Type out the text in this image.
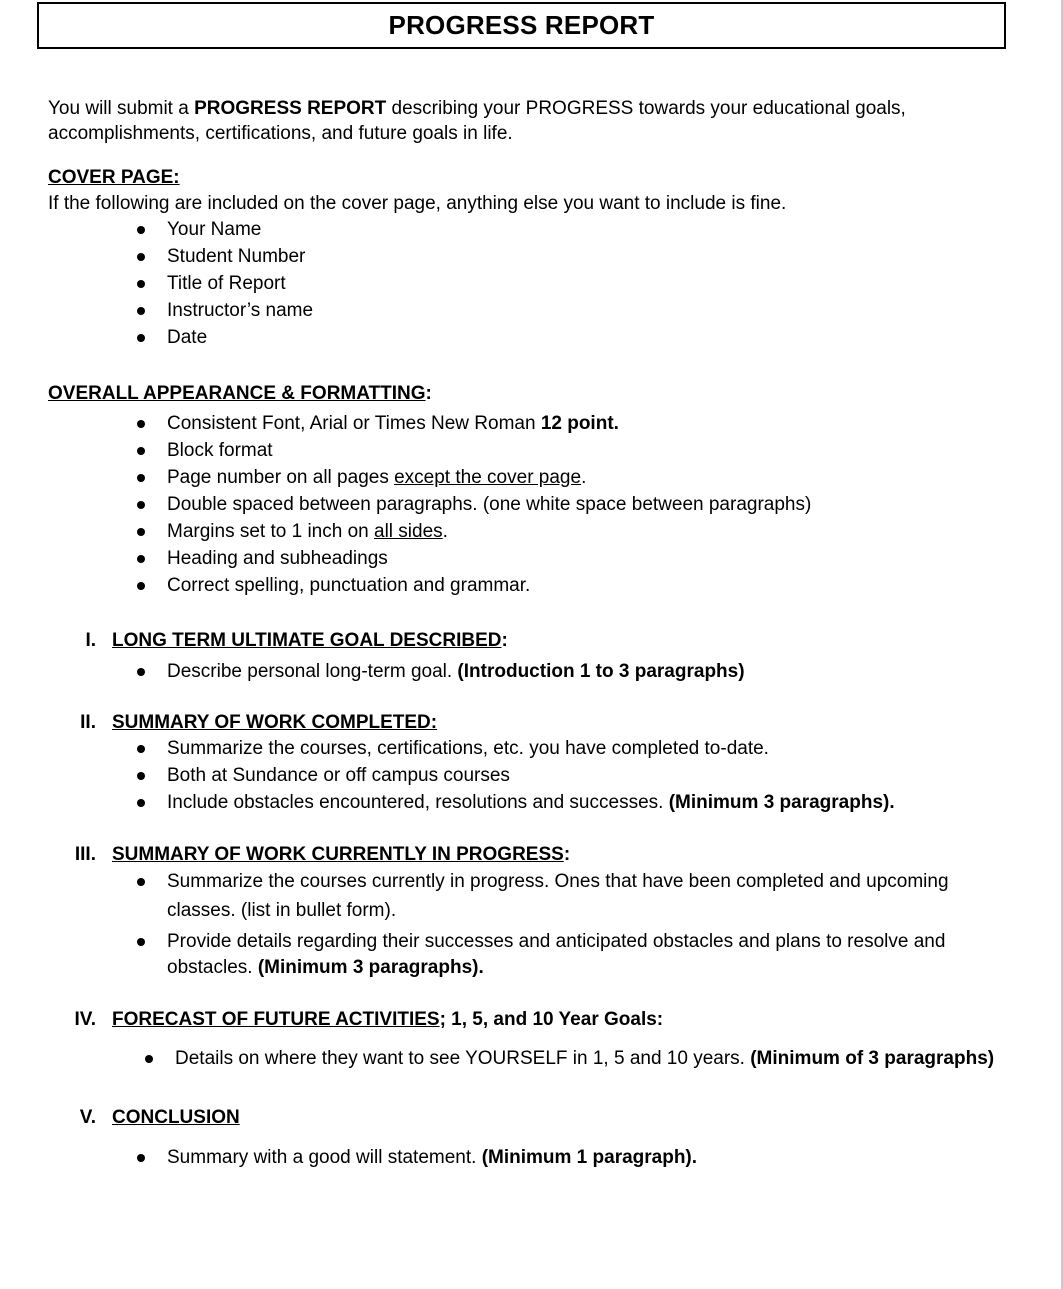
PROGRESS REPORT
You will submit a PROGRESS REPORT describing your PROGRESS towards your educational goals,
accomplishments, certifications, and future goals in life.
COVER PAGE:
If the following are included on the cover page, anything else you want to include is fine.
Your Name
Student Number
Title of Report
Instructor’s name
Date
OVERALL APPEARANCE & FORMATTING:
Consistent Font, Arial or Times New Roman 12 point.
Block format
Page number on all pages except the cover page.
Double spaced between paragraphs. (one white space between paragraphs)
Margins set to 1 inch on all sides.
Heading and subheadings
Correct spelling, punctuation and grammar.
I. LONG TERM ULTIMATE GOAL DESCRIBED:
Describe personal long-term goal. (Introduction 1 to 3 paragraphs)
II. SUMMARY OF WORK COMPLETED:
Summarize the courses, certifications, etc. you have completed to-date.
Both at Sundance or off campus courses
Include obstacles encountered, resolutions and successes. (Minimum 3 paragraphs).
III. SUMMARY OF WORK CURRENTLY IN PROGRESS:
Summarize the courses currently in progress. Ones that have been completed and upcoming
classes. (list in bullet form).
Provide details regarding their successes and anticipated obstacles and plans to resolve and
obstacles. (Minimum 3 paragraphs).
IV. FORECAST OF FUTURE ACTIVITIES; 1, 5, and 10 Year Goals:
Details on where they want to see YOURSELF in 1, 5 and 10 years. (Minimum of 3 paragraphs)
V. CONCLUSION
Summary with a good will statement. (Minimum 1 paragraph).
